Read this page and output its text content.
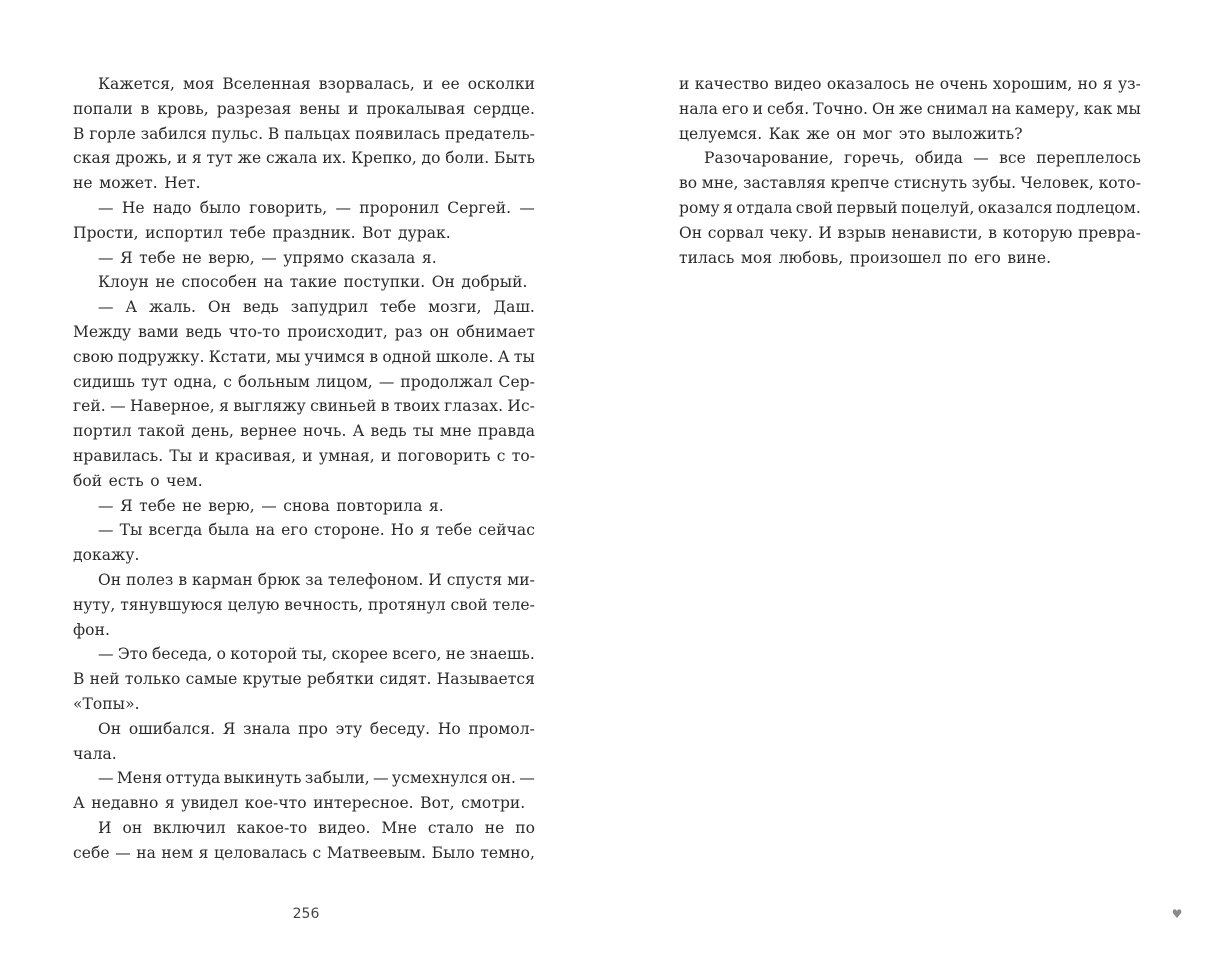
Кажется, моя Вселенная взорвалась, и ее осколки
попали в кровь, разрезая вены и прокалывая сердце.
В горле забился пульс. В пальцах появилась предатель-
ская дрожь, и я тут же сжала их. Крепко, до боли. Быть
не может. Нет.
— Не надо было говорить, — проронил Сергей. —
Прости, испортил тебе праздник. Вот дурак.
— Я тебе не верю, — упрямо сказала я.
Клоун не способен на такие поступки. Он добрый.
— А жаль. Он ведь запудрил тебе мозги, Даш.
Между вами ведь что-то происходит, раз он обнимает
свою подружку. Кстати, мы учимся в одной школе. А ты
сидишь тут одна, с больным лицом, — продолжал Сер-
гей. — Наверное, я выгляжу свиньей в твоих глазах. Ис-
портил такой день, вернее ночь. А ведь ты мне правда
нравилась. Ты и красивая, и умная, и поговорить с то-
бой есть о чем.
— Я тебе не верю, — снова повторила я.
— Ты всегда была на его стороне. Но я тебе сейчас
докажу.
Он полез в карман брюк за телефоном. И спустя ми-
нуту, тянувшуюся целую вечность, протянул свой теле-
фон.
— Это беседа, о которой ты, скорее всего, не знаешь.
В ней только самые крутые ребятки сидят. Называется
«Топы».
Он ошибался. Я знала про эту беседу. Но промол-
чала.
— Меня оттуда выкинуть забыли, — усмехнулся он. —
А недавно я увидел кое-что интересное. Вот, смотри.
И он включил какое-то видео. Мне стало не по
себе — на нем я целовалась с Матвеевым. Было темно,
256
и качество видео оказалось не очень хорошим, но я уз-
нала его и себя. Точно. Он же снимал на камеру, как мы
целуемся. Как же он мог это выложить?
Разочарование, горечь, обида — все переплелось
во мне, заставляя крепче стиснуть зубы. Человек, кото-
рому я отдала свой первый поцелуй, оказался подлецом.
Он сорвал чеку. И взрыв ненависти, в которую превра-
тилась моя любовь, произошел по его вине.
♥
